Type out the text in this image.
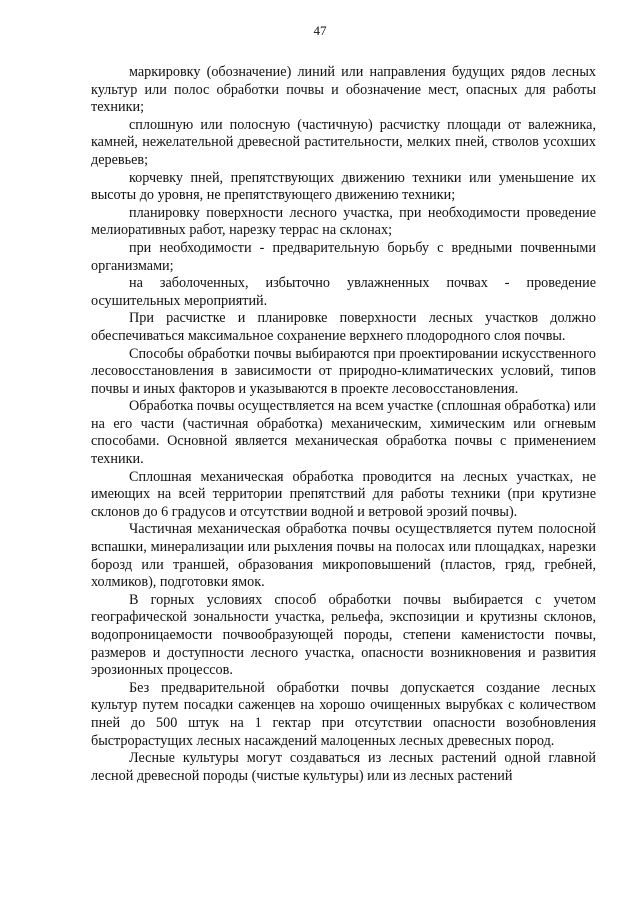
47

маркировку (обозначение) линий или направления будущих рядов лесных культур или полос обработки почвы и обозначение мест, опасных для работы техники;

сплошную или полосную (частичную) расчистку площади от валежника, камней, нежелательной древесной растительности, мелких пней, стволов усохших деревьев;

корчевку пней, препятствующих движению техники или уменьшение их высоты до уровня, не препятствующего движению техники;

планировку поверхности лесного участка, при необходимости проведение мелиоративных работ, нарезку террас на склонах;

при необходимости - предварительную борьбу с вредными почвенными организмами;

на заболоченных, избыточно увлажненных почвах - проведение осушительных мероприятий.

При расчистке и планировке поверхности лесных участков должно обеспечиваться максимальное сохранение верхнего плодородного слоя почвы.

Способы обработки почвы выбираются при проектировании искусственного лесовосстановления в зависимости от природно-климатических условий, типов почвы и иных факторов и указываются в проекте лесовосстановления.

Обработка почвы осуществляется на всем участке (сплошная обработка) или на его части (частичная обработка) механическим, химическим или огневым способами. Основной является механическая обработка почвы с применением техники.

Сплошная механическая обработка проводится на лесных участках, не имеющих на всей территории препятствий для работы техники (при крутизне склонов до 6 градусов и отсутствии водной и ветровой эрозий почвы).

Частичная механическая обработка почвы осуществляется путем полосной вспашки, минерализации или рыхления почвы на полосах или площадках, нарезки борозд или траншей, образования микроповышений (пластов, гряд, гребней, холмиков), подготовки ямок.

В горных условиях способ обработки почвы выбирается с учетом географической зональности участка, рельефа, экспозиции и крутизны склонов, водопроницаемости почвообразующей породы, степени каменистости почвы, размеров и доступности лесного участка, опасности возникновения и развития эрозионных процессов.

Без предварительной обработки почвы допускается создание лесных культур путем посадки саженцев на хорошо очищенных вырубках с количеством пней до 500 штук на 1 гектар при отсутствии опасности возобновления быстрорастущих лесных насаждений малоценных лесных древесных пород.

Лесные культуры могут создаваться из лесных растений одной главной лесной древесной породы (чистые культуры) или из лесных растений
